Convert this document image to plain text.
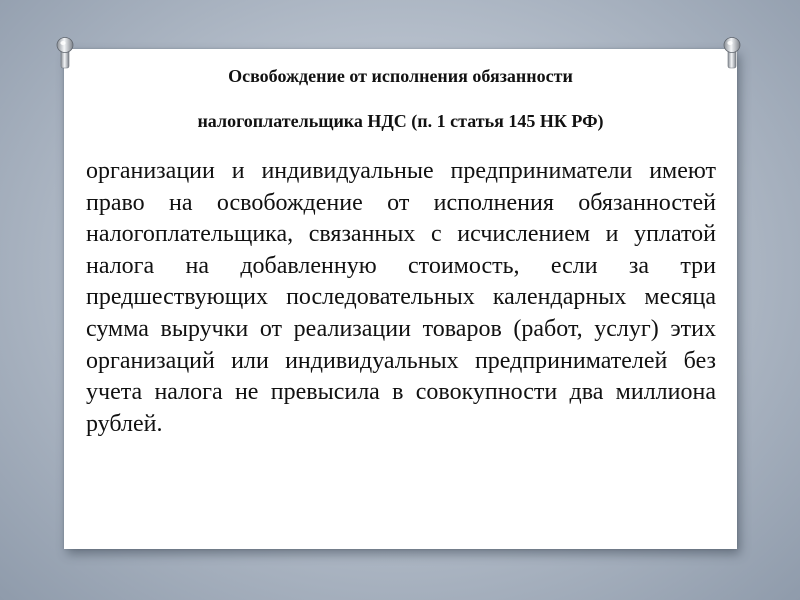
Освобождение от исполнения обязанности
налогоплательщика НДС (п. 1 статья 145 НК РФ)

организации и индивидуальные предприниматели имеют право на освобождение от исполнения обязанностей налогоплательщика, связанных с исчислением и уплатой налога на добавленную стоимость, если за три предшествующих последовательных календарных месяца сумма выручки от реализации товаров (работ, услуг) этих организаций или индивидуальных предпринимателей без учета налога не превысила в совокупности два миллиона рублей.
